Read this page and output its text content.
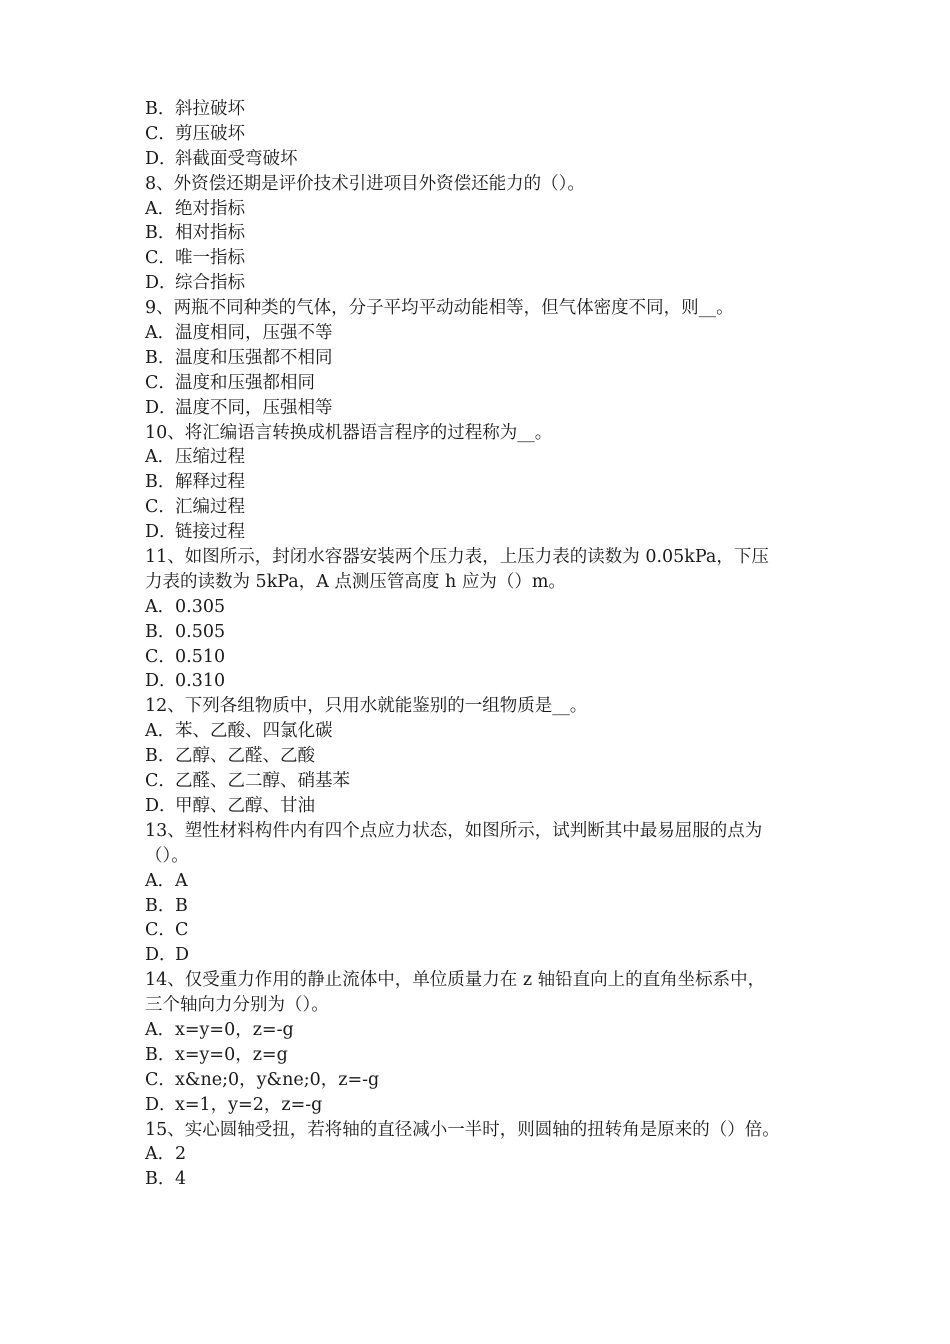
B．斜拉破坏
C．剪压破坏
D．斜截面受弯破坏
8、外资偿还期是评价技术引进项目外资偿还能力的（）。
A．绝对指标
B．相对指标
C．唯一指标
D．综合指标
9、两瓶不同种类的气体，分子平均平动动能相等，但气体密度不同，则__。
A．温度相同，压强不等
B．温度和压强都不相同
C．温度和压强都相同
D．温度不同，压强相等
10、将汇编语言转换成机器语言程序的过程称为__。
A．压缩过程
B．解释过程
C．汇编过程
D．链接过程
11、如图所示，封闭水容器安装两个压力表，上压力表的读数为 0.05kPa，下压
力表的读数为 5kPa，A 点测压管高度 h 应为（）m。
A．0.305
B．0.505
C．0.510
D．0.310
12、下列各组物质中，只用水就能鉴别的一组物质是__。
A．苯、乙酸、四氯化碳
B．乙醇、乙醛、乙酸
C．乙醛、乙二醇、硝基苯
D．甲醇、乙醇、甘油
13、塑性材料构件内有四个点应力状态，如图所示，试判断其中最易屈服的点为
（）。
A．A
B．B
C．C
D．D
14、仅受重力作用的静止流体中，单位质量力在 z 轴铅直向上的直角坐标系中，
三个轴向力分别为（）。
A．x=y=0，z=-g
B．x=y=0，z=g
C．x&ne;0，y&ne;0，z=-g
D．x=1，y=2，z=-g
15、实心圆轴受扭，若将轴的直径减小一半时，则圆轴的扭转角是原来的（）倍。
A．2
B．4
